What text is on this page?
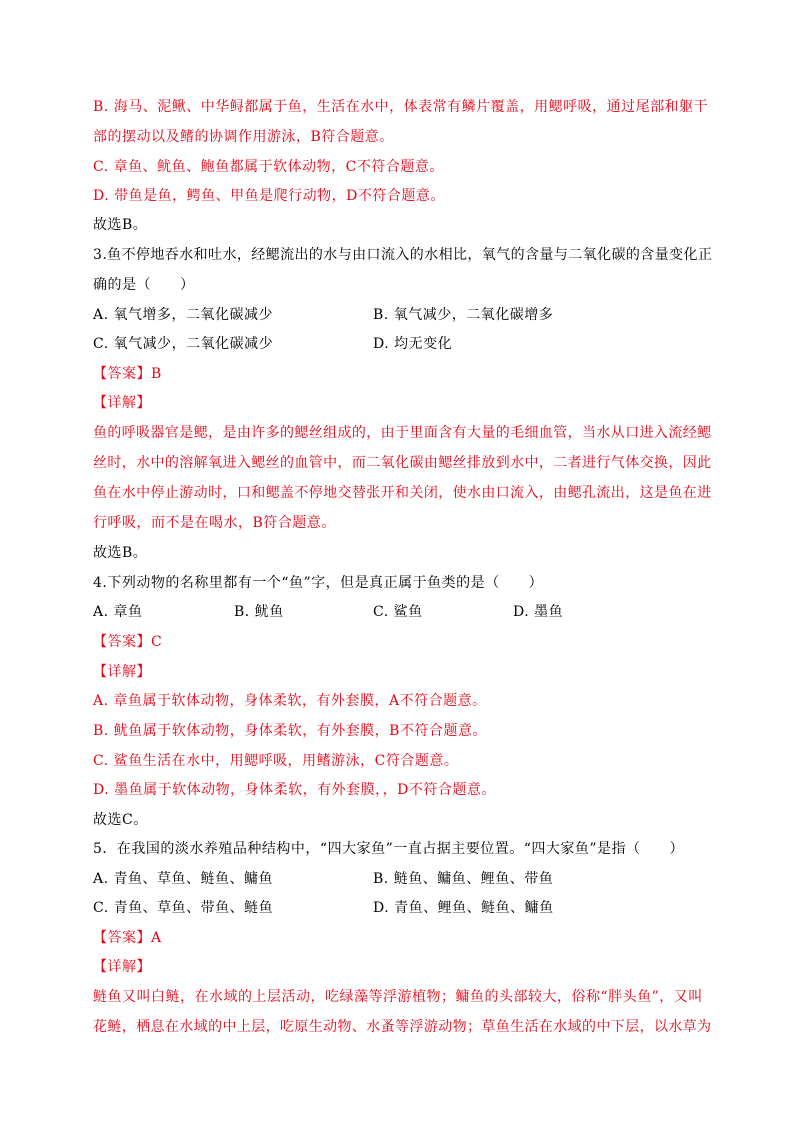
B. 海马、泥鳅、中华鲟都属于鱼，生活在水中，体表常有鳞片覆盖，用鳃呼吸，通过尾部和躯干
部的摆动以及鳍的协调作用游泳，B符合题意。
C. 章鱼、鱿鱼、鲍鱼都属于软体动物，C不符合题意。
D. 带鱼是鱼，鳄鱼、甲鱼是爬行动物，D不符合题意。
故选B。
3.鱼不停地吞水和吐水，经鳃流出的水与由口流入的水相比，氧气的含量与二氧化碳的含量变化正
确的是（　　）
A. 氧气增多，二氧化碳减少	B. 氧气减少，二氧化碳增多
C. 氧气减少，二氧化碳减少	D. 均无变化
【答案】B
【详解】
鱼的呼吸器官是鳃，是由许多的鳃丝组成的，由于里面含有大量的毛细血管，当水从口进入流经鳃
丝时，水中的溶解氧进入鳃丝的血管中，而二氧化碳由鳃丝排放到水中，二者进行气体交换，因此
鱼在水中停止游动时，口和鳃盖不停地交替张开和关闭，使水由口流入，由鳃孔流出，这是鱼在进
行呼吸，而不是在喝水，B符合题意。
故选B。
4.下列动物的名称里都有一个“鱼”字，但是真正属于鱼类的是（　　）
A. 章鱼	B. 鱿鱼	C. 鲨鱼	D. 墨鱼
【答案】C
【详解】
A. 章鱼属于软体动物，身体柔软，有外套膜，A不符合题意。
B. 鱿鱼属于软体动物，身体柔软，有外套膜，B不符合题意。
C. 鲨鱼生活在水中，用鳃呼吸，用鳍游泳，C符合题意。
D. 墨鱼属于软体动物，身体柔软，有外套膜，，D不符合题意。
故选C。
5．在我国的淡水养殖品种结构中，“四大家鱼”一直占据主要位置。“四大家鱼”是指（　　）
A. 青鱼、草鱼、鲢鱼、鳙鱼	B. 鲢鱼、鳙鱼、鲤鱼、带鱼
C. 青鱼、草鱼、带鱼、鲢鱼	D. 青鱼、鲤鱼、鲢鱼、鳙鱼
【答案】A
【详解】
鲢鱼又叫白鲢，在水域的上层活动，吃绿藻等浮游植物；鳙鱼的头部较大，俗称“胖头鱼”，又叫
花鲢，栖息在水域的中上层，吃原生动物、水蚤等浮游动物；草鱼生活在水域的中下层，以水草为
